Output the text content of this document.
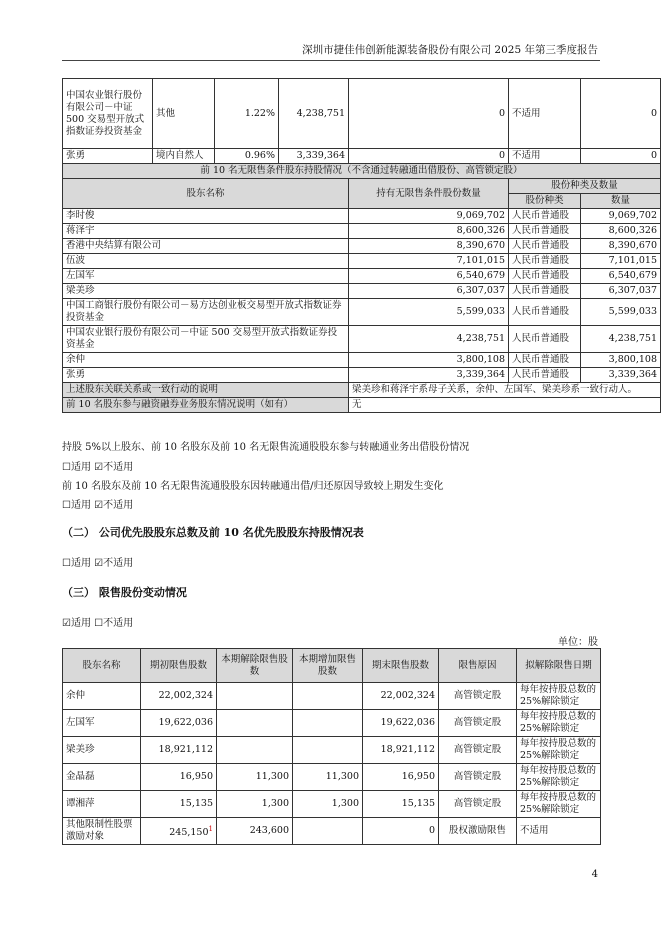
深圳市捷佳伟创新能源装备股份有限公司 2025 年第三季度报告
中国农业银行股份有限公司－中证 500 交易型开放式指数证券投资基金	其他	1.22%	4,238,751	0	不适用	0
张勇	境内自然人	0.96%	3,339,364	0	不适用	0
前 10 名无限售条件股东持股情况（不含通过转融通出借股份、高管锁定股）						
股东名称				持有无限售条件股份数量	股份种类及数量	
					股份种类	数量
李时俊				9,069,702	人民币普通股	9,069,702
蒋泽宇				8,600,326	人民币普通股	8,600,326
香港中央结算有限公司				8,390,670	人民币普通股	8,390,670
伍波				7,101,015	人民币普通股	7,101,015
左国军				6,540,679	人民币普通股	6,540,679
梁美珍				6,307,037	人民币普通股	6,307,037
中国工商银行股份有限公司－易方达创业板交易型开放式指数证券投资基金				5,599,033	人民币普通股	5,599,033
中国农业银行股份有限公司－中证 500 交易型开放式指数证券投资基金				4,238,751	人民币普通股	4,238,751
余仲				3,800,108	人民币普通股	3,800,108
张勇				3,339,364	人民币普通股	3,339,364
上述股东关联关系或一致行动的说明				梁美珍和蒋泽宇系母子关系，余仲、左国军、梁美珍系一致行动人。		
前 10 名股东参与融资融券业务股东情况说明（如有）				无		
持股 5%以上股东、前 10 名股东及前 10 名无限售流通股股东参与转融通业务出借股份情况
☐适用 ☑不适用
前 10 名股东及前 10 名无限售流通股股东因转融通出借/归还原因导致较上期发生变化
☐适用 ☑不适用
（二） 公司优先股股东总数及前 10 名优先股股东持股情况表
☐适用 ☑不适用
（三） 限售股份变动情况
☑适用 ☐不适用
单位：股
股东名称	期初限售股数	本期解除限售股数	本期增加限售股数	期末限售股数	限售原因	拟解除限售日期
余仲	22,002,324			22,002,324	高管锁定股	每年按持股总数的 25%解除锁定
左国军	19,622,036			19,622,036	高管锁定股	每年按持股总数的 25%解除锁定
梁美珍	18,921,112			18,921,112	高管锁定股	每年按持股总数的 25%解除锁定
金晶磊	16,950	11,300	11,300	16,950	高管锁定股	每年按持股总数的 25%解除锁定
谭湘萍	15,135	1,300	1,300	15,135	高管锁定股	每年按持股总数的 25%解除锁定
其他限制性股票激励对象	245,150$^1$	243,600		0	股权激励限售	不适用
4
